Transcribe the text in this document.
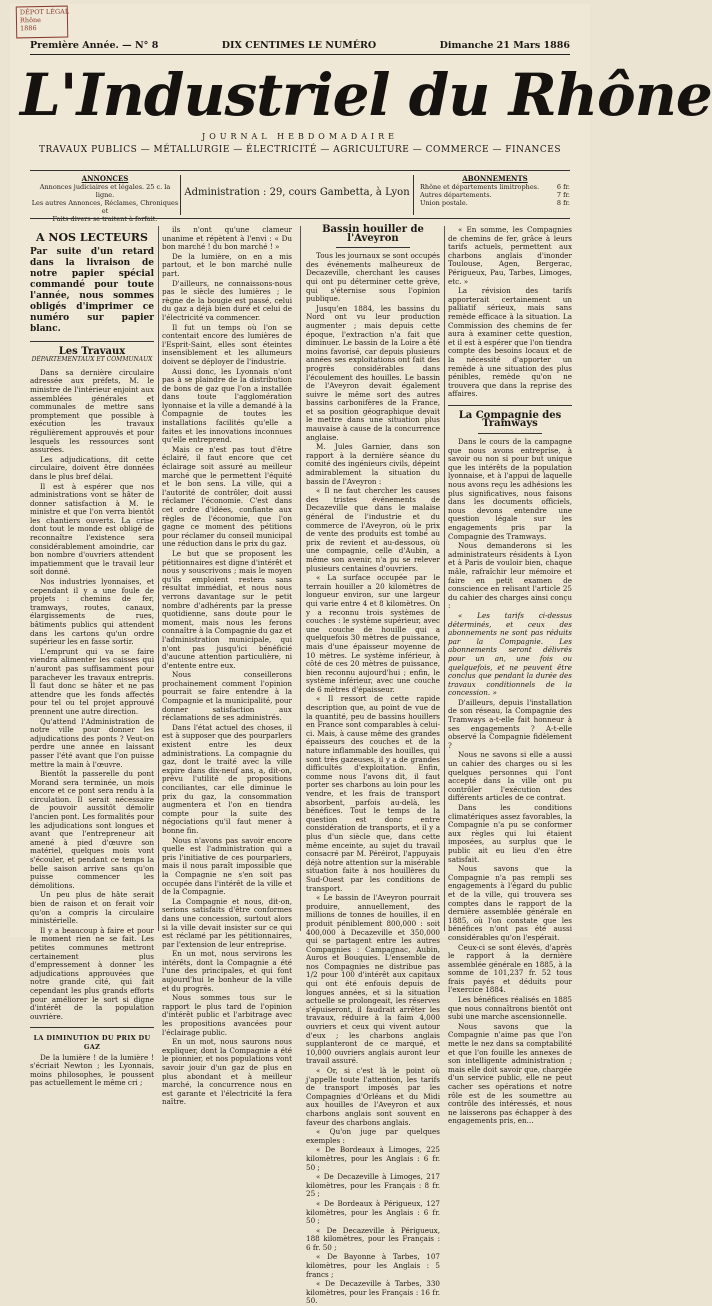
DÉPOT LÉGAL
Rhône
1886
Première Année. — N° 8	DIX CENTIMES LE NUMÉRO	Dimanche 21 Mars 1886
L'Industriel du Rhône
JOURNAL HEBDOMADAIRE
TRAVAUX PUBLICS — MÉTALLURGIE — ÉLECTRICITÉ — AGRICULTURE — COMMERCE — FINANCES
ANNONCES
Annonces judiciaires et légales. 25 c. la ligne.
Les autres Annonces, Réclames, Chroniques et
Faits divers se traitent à forfait.
Administration : 29, cours Gambetta, à Lyon
ABONNEMENTS
Rhône et départements limitrophes.	6 fr.
Autres départements.	7 fr.
Union postale.	8 fr.
A NOS LECTEURS
Par suite d'un retard dans la livraison de notre papier spécial commandé pour toute l'année, nous sommes obligés d'imprimer ce numéro sur papier blanc.
Les Travaux
DÉPARTEMENTAUX ET COMMUNAUX

Dans sa dernière circulaire adressée aux préfets, M. le ministre de l'intérieur enjoint aux assemblées générales et communales de mettre sans promptement que possible à exécution les travaux régulièrement approuvés et pour lesquels les ressources sont assurées.

Les adjudications, dit cette circulaire, doivent être données dans le plus bref délai.

Il est à espérer que nos administrations vont se hâter de donner satisfaction à M. le ministre et que l'on verra bientôt les chantiers ouverts. La crise dont tout le monde est obligé de reconnaître l'existence sera considérablement amoindrie, car bon nombre d'ouvriers attendent impatiemment que le travail leur soit donné.

Nos industries lyonnaises, et cependant il y a une foule de projets : chemins de fer, tramways, routes, canaux, élargissements de rues, bâtiments publics qui attendent dans les cartons qu'un ordre supérieur les en fasse sortir.

L'emprunt qui va se faire viendra alimenter les caisses qui n'auront pas suffisamment pour parachever les travaux entrepris. Il faut donc se hâter et ne pas attendre que les fonds affectés pour tel ou tel projet approuvé prennent une autre direction.

Qu'attend l'Administration de notre ville pour donner les adjudications des ponts ? Veut-on perdre une année en laissant passer l'été avant que l'on puisse mettre la main à l'œuvre.

Bientôt la passerelle du pont Morand sera terminée, un mois encore et ce pont sera rendu à la circulation. Il serait nécessaire de pouvoir aussitôt démolir l'ancien pont. Les formalités pour les adjudications sont longues et avant que l'entrepreneur ait amené à pied d'œuvre son matériel, quelques mois vont s'écouler, et pendant ce temps la belle saison arrive sans qu'on puisse commencer les démolitions.

Un peu plus de hâte serait bien de raison et on ferait voir qu'on a compris la circulaire ministérielle.

Il y a beaucoup à faire et pour le moment rien ne se fait. Les petites communes mettront certainement plus d'empressement à donner les adjudications approuvées que notre grande cité, qui fait cependant les plus grands efforts pour améliorer le sort si digne d'intérêt de la population ouvrière.

LA DIMINUTION DU PRIX DU GAZ

De la lumière ! de la lumière ! s'écriait Newton ; les Lyonnais, moins philosophes, le poussent pas actuellement le même cri ;

ils n'ont qu'une clameur unanime et répètent à l'envi : « Du bon marché ! du bon marché ! »

De la lumière, on en a mis partout, et le bon marché nulle part.

D'ailleurs, ne connaissons-nous pas le siècle des lumières ; le règne de la bougie est passé, celui du gaz a déjà bien duré et celui de l'électricité va commencer.

Il fut un temps où l'on se contentait encore des lumières de l'Esprit-Saint, elles sont éteintes insensiblement et les allumeurs doivent se déployer de l'industrie.

Aussi donc, les Lyonnais n'ont pas à se plaindre de la distribution de bons de gaz que l'on a installée dans toute l'agglomération lyonnaise et la ville a demandé à la Compagnie de toutes les installations facilités qu'elle a faites et les innovations inconnues qu'elle entreprend.

Mais ce n'est pas tout d'être éclairé, il faut encore que cet éclairage soit assuré au meilleur marché que le permettent l'équité et le bon sens. La ville, qui a l'autorité de contrôler, doit aussi réclamer l'économie. C'est dans cet ordre d'idées, confiante aux règles de l'économie, que l'on gagne ce moment des pétitions pour réclamer du conseil municipal une réduction dans le prix du gaz.

Le but que se proposent les pétitionnaires est digne d'intérêt et nous y souscrivons ; mais le moyen qu'ils emploient restera sans résultat immédiat, et nous nous verrons davantage sur le petit nombre d'adhérents par la presse quotidienne, sans doute pour le moment, mais nous les ferons connaître à la Compagnie du gaz et l'administration municipale, qui n'ont pas jusqu'ici bénéficié d'aucune attention particulière, ni d'entente entre eux.

Nous conseillerons prochainement comment l'opinion pourrait se faire entendre à la Compagnie et la municipalité, pour donner satisfaction aux réclamations de ses administrés.

Dans l'état actuel des choses, il est à supposer que des pourparlers existent entre les deux administrations. La compagnie du gaz, dont le traité avec la ville expire dans dix-neuf ans, a, dit-on, prévu l'utilité de propositions conciliantes, car elle diminue le prix du gaz, la consommation augmentera et l'on en tiendra compte pour la suite des négociations qu'il faut mener à bonne fin.

Nous n'avons pas savoir encore quelle est l'administration qui a pris l'initiative de ces pourparlers, mais il nous paraît impossible que la Compagnie ne s'en soit pas occupée dans l'intérêt de la ville et de la Compagnie.

La Compagnie et nous, dit-on, serions satisfaits d'être conformes dans une concession, surtout alors si la ville devait insister sur ce qui est réclamé par les pétitionnaires, par l'extension de leur entreprise.

En un mot, nous servirons les intérêts, dont la Compagnie a été l'une des principales, et qui font aujourd'hui le bonheur de la ville et du progrès.

Nous sommes tous sur le rapport le plus tard de l'opinion d'intérêt public et l'arbitrage avec les propositions avancées pour l'éclairage public.

En un mot, nous saurons nous expliquer, dont la Compagnie a été le pionnier, et nos populations vont savoir jouir d'un gaz de plus en plus abondant et à meilleur marché, la concurrence nous en est garante et l'électricité la fera naître.

Bassin houiller de l'Aveyron

Tous les journaux se sont occupés des événements malheureux de Decazeville, cherchant les causes qui ont pu déterminer cette grève, qui s'éternise sous l'opinion publique.

Jusqu'en 1884, les bassins du Nord ont vu leur production augmenter ; mais depuis cette époque, l'extraction n'a fait que diminuer. Le bassin de la Loire a été moins favorisé, car depuis plusieurs années ses exploitations ont fait des progrès considérables dans l'écoulement des houilles. Le bassin de l'Aveyron devait également suivre le même sort des autres bassins carbonifères de la France, et sa position géographique devait le mettre dans une situation plus mauvaise à cause de la concurrence anglaise.

M. Jules Garnier, dans son rapport à la dernière séance du comité des ingénieurs civils, dépeint admirablement la situation du bassin de l'Aveyron :

« Il ne faut chercher les causes des tristes événements de Decazeville que dans le malaise général de l'industrie et du commerce de l'Aveyron, où le prix de vente des produits est tombé au prix de revient et au-dessous, où une compagnie, celle d'Aubin, a même son avenir, n'a pu se relever plusieurs centaines d'ouvriers.

« La surface occupée par le terrain houiller a 20 kilomètres de longueur environ, sur une largeur qui varie entre 4 et 8 kilomètres. On y a reconnu trois systèmes de couches : le système supérieur, avec une couche de houille qui a quelquefois 30 mètres de puissance, mais d'une épaisseur moyenne de 10 mètres. Le système inférieur, à côté de ces 20 mètres de puissance, bien reconnu aujourd'hui ; enfin, le système inférieur, avec une couche de 6 mètres d'épaisseur.

« Il ressort de cette rapide description que, au point de vue de la quantité, peu de bassins houillers en France sont comparables à celui-ci. Mais, à cause même des grandes épaisseurs des couches et de la nature inflammable des houilles, qui sont très gazeuses, il y a de grandes difficultés d'exploitation. Enfin, comme nous l'avons dit, il faut porter ses charbons au loin pour les vendre, et les frais de transport absorbent, parfois au-delà, les bénéfices. Tout le temps de la question est donc entre considération de transports, et il y a plus d'un siècle que, dans cette même enceinte, au sujet du travail consacré par M. Péréirot, l'appuyais déjà notre attention sur la misérable situation faite à nos houillères du Sud-Ouest par les conditions de transport.

« Le bassin de l'Aveyron pourrait produire, annuellement, des millions de tonnes de houilles, il en produit péniblement 800,000 : soit 400,000 à Decazeville et 350,000 qui se partagent entre les autres Compagnies : Campagnac, Aubin, Auros et Bouquies. L'ensemble de nos Compagnies ne distribue pas 1/2 pour 100 d'intérêt aux capitaux qui ont été enfouis depuis de longues années, et si la situation actuelle se prolongeait, les réserves s'épuiseront, il faudrait arrêter les travaux, réduire à la faim 4,000 ouvriers et ceux qui vivent autour d'eux ; les charbons anglais supplanteront de ce marqué, et 10,000 ouvriers anglais auront leur travail assuré.

« Or, si c'est là le point où j'appelle toute l'attention, les tarifs de transport imposés par les Compagnies d'Orléans et du Midi aux houilles de l'Aveyron et aux charbons anglais sont souvent en faveur des charbons anglais.

« Qu'on juge par quelques exemples :

« De Bordeaux à Limoges, 225 kilomètres, pour les Anglais : 6 fr. 50 ;

« De Decazeville à Limoges, 217 kilomètres, pour les Français : 8 fr. 25 ;

« De Bordeaux à Périgueux, 127 kilomètres, pour les Anglais : 6 fr. 50 ;

« De Decazeville à Périgueux, 188 kilomètres, pour les Français : 6 fr. 50 ;

« De Bayonne à Tarbes, 107 kilomètres, pour les Anglais : 5 francs ;

« De Decazeville à Tarbes, 330 kilomètres, pour les Français : 16 fr. 50.

« En somme, les Compagnies de chemins de fer, grâce à leurs tarifs actuels, permettent aux charbons anglais d'inonder Toulouse, Agen, Bergerac, Périgueux, Pau, Tarbes, Limoges, etc. »

La révision des tarifs apporterait certainement un palliatif sérieux, mais sans remède efficace à la situation. La Commission des chemins de fer aura à examiner cette question, et il est à espérer que l'on tiendra compte des besoins locaux et de la nécessité d'apporter un remède à une situation des plus pénibles, remède qu'on ne trouvera que dans la reprise des affaires.

La Compagnie des Tramways

Dans le cours de la campagne que nous avons entreprise, à savoir ou non si pour but unique que les intérêts de la population lyonnaise, et à l'appui de laquelle nous avons reçu les adhésions les plus significatives, nous faisons dans les documents officiels, nous devons entendre une question légale sur les engagements pris par la Compagnie des Tramways.

Nous demanderons si les administrateurs résidents à Lyon et à Paris de vouloir bien, chaque mâle, rafraîchir leur mémoire et faire en petit examen de conscience en relisant l'article 25 du cahier des charges ainsi conçu :

« Les tarifs ci-dessus déterminés, et ceux des abonnements ne sont pas réduits par la Compagnie. Les abonnements seront délivrés pour un an, une fois ou quelquefois, et ne peuvent être conclus que pendant la durée des travaux conditionnels de la concession. »

D'ailleurs, depuis l'installation de son réseau, la Compagnie des Tramways a-t-elle fait honneur à ses engagements ? A-t-elle observé la Compagnie fidèlement ?

Nous ne savons si elle a aussi un cahier des charges ou si les quelques personnes qui l'ont accepté dans la ville ont pu contrôler l'exécution des différents articles de ce contrat.

Dans les conditions climatériques assez favorables, la Compagnie n'a pu se conformer aux règles qui lui étaient imposées, au surplus que le public ait eu lieu d'en être satisfait.

Nous savons que la Compagnie n'a pas rempli ses engagements à l'égard du public et de la ville, qui trouvera ses comptes dans le rapport de la dernière assemblée générale en 1885, où l'on constate que les bénéfices n'ont pas été aussi considérables qu'on l'espérait.

Ceux-ci se sont élevés, d'après le rapport à la dernière assemblée générale en 1885, à la somme de 101,237 fr. 52 tous frais payés et déduits pour l'exercice 1884.

Les bénéfices réalisés en 1885 que nous connaîtrons bientôt ont subi une marche ascensionnelle.

Nous savons que la Compagnie n'aime pas que l'on mette le nez dans sa comptabilité et que l'on fouille les annexes de son intelligente administration ; mais elle doit savoir que, chargée d'un service public, elle ne peut cacher ses opérations et notre rôle est de les soumettre au contrôle des intéressés, et nous ne laisserons pas échapper à des engagements pris, en...
